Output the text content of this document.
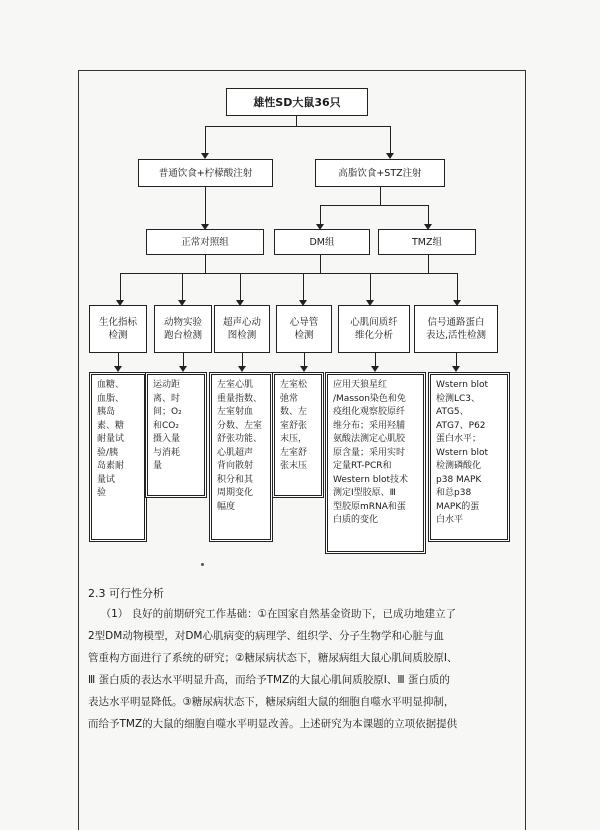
雄性SD大鼠36只
普通饮食+柠檬酸注射	高脂饮食+STZ注射
正常对照组	DM组	TMZ组
生化指标
检测
动物实验
跑台检测
超声心动
图检测
心导管
检测
心肌间质纤
维化分析
信号通路蛋白
表达,活性检测
血糖、
血脂、
胰岛
素、糖
耐量试
验/胰
岛素耐
量试
验
运动距
离、时
间；O₂
和CO₂
摄入量
与消耗
量
左室心肌
重量指数、
左室射血
分数、左室
舒张功能、
心肌超声
背向散射
积分和其
周期变化
幅度
左室松
弛常
数、左
室舒张
末压，
左室舒
张末压
应用天狼星红
/Masson染色和免
疫组化观察胶原纤
维分布；采用羟脯
氨酸法测定心肌胶
原含量；采用实时
定量RT-PCR和
Western blot技术
测定Ⅰ型胶原、Ⅲ
型胶原mRNA和蛋
白质的变化
Wstern blot
检测LC3、
ATG5、
ATG7、P62
蛋白水平；
Wstern blot
检测磷酸化
p38 MAPK
和总p38
MAPK的蛋
白水平
2.3 可行性分析

（1） 良好的前期研究工作基础：①在国家自然基金资助下，已成功地建立了

2型DM动物模型，对DM心肌病变的病理学、组织学、分子生物学和心脏与血

管重构方面进行了系统的研究；②糖尿病状态下，糖尿病组大鼠心肌间质胶原Ⅰ、

Ⅲ 蛋白质的表达水平明显升高，而给予TMZ的大鼠心肌间质胶原Ⅰ、Ⅲ 蛋白质的

表达水平明显降低。③糖尿病状态下，糖尿病组大鼠的细胞自噬水平明显抑制，

而给予TMZ的大鼠的细胞自噬水平明显改善。上述研究为本课题的立项依据提供
